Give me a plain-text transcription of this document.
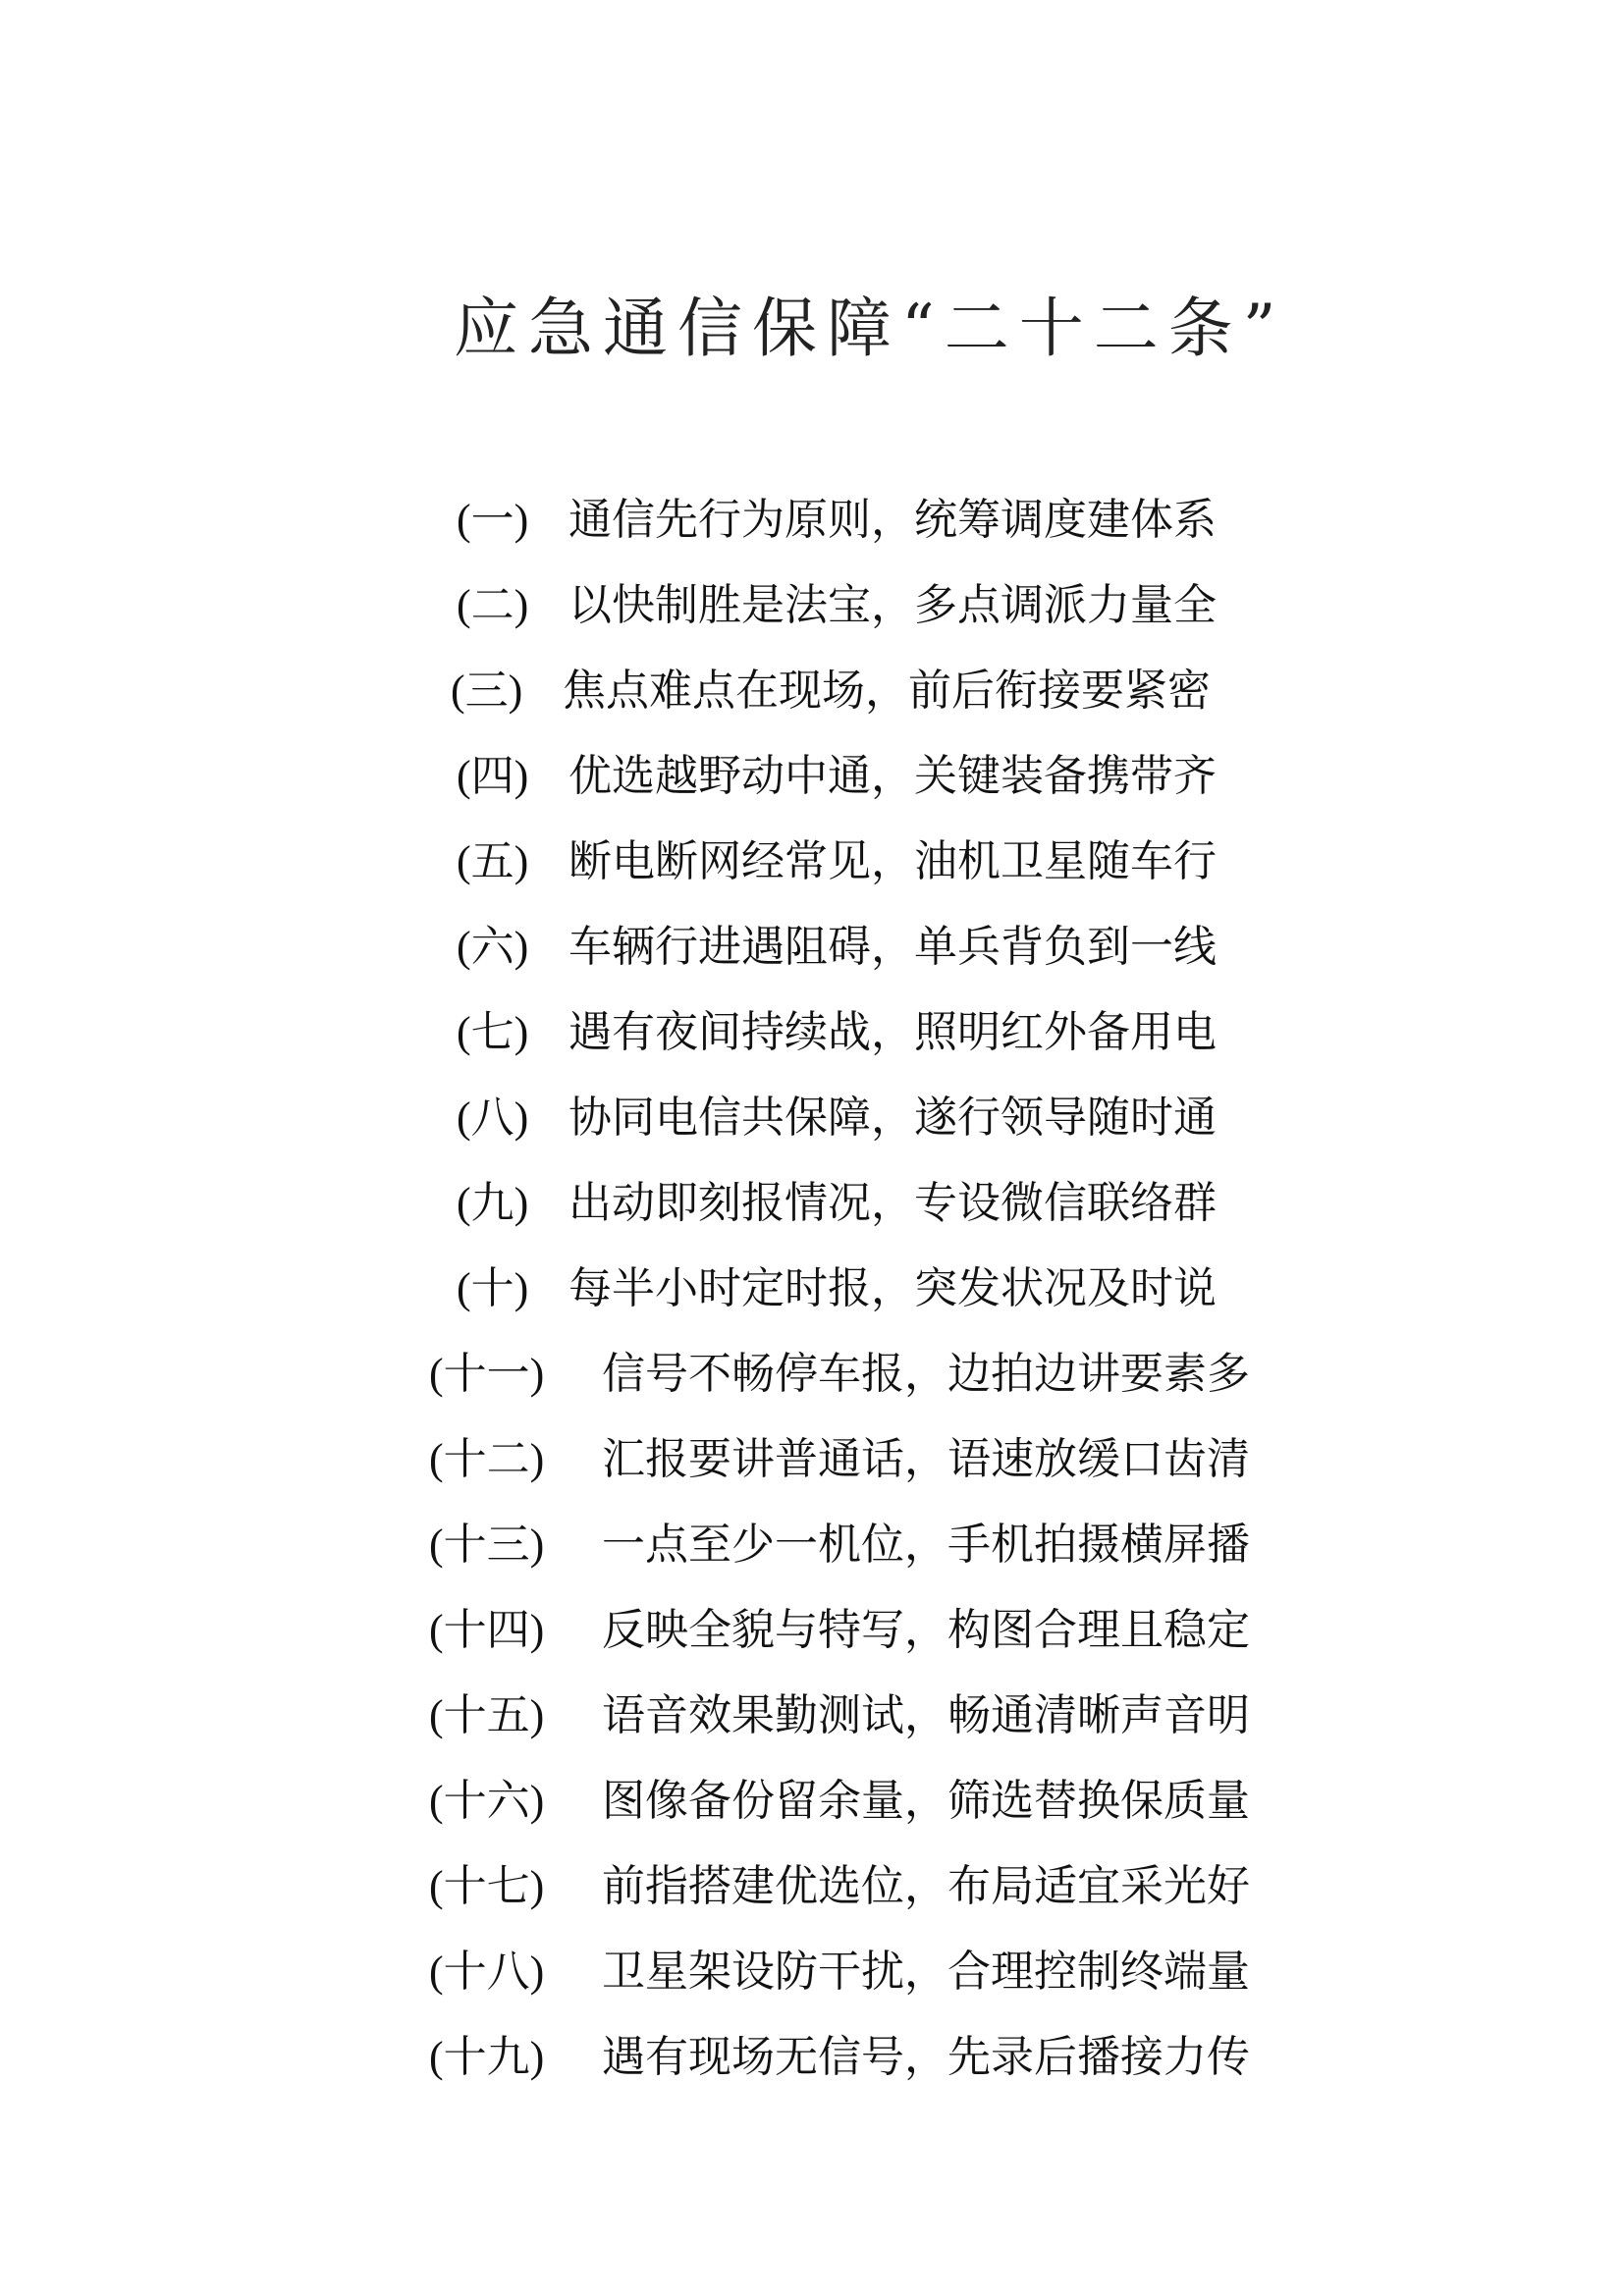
应急通信保障“二十二条”
(一) 通信先行为原则，统筹调度建体系
(二) 以快制胜是法宝，多点调派力量全
(三) 焦点难点在现场，前后衔接要紧密
(四) 优选越野动中通，关键装备携带齐
(五) 断电断网经常见，油机卫星随车行
(六) 车辆行进遇阻碍，单兵背负到一线
(七) 遇有夜间持续战，照明红外备用电
(八) 协同电信共保障，遂行领导随时通
(九) 出动即刻报情况，专设微信联络群
(十) 每半小时定时报，突发状况及时说
(十一) 信号不畅停车报，边拍边讲要素多
(十二) 汇报要讲普通话，语速放缓口齿清
(十三) 一点至少一机位，手机拍摄横屏播
(十四) 反映全貌与特写，构图合理且稳定
(十五) 语音效果勤测试，畅通清晰声音明
(十六) 图像备份留余量，筛选替换保质量
(十七) 前指搭建优选位，布局适宜采光好
(十八) 卫星架设防干扰，合理控制终端量
(十九) 遇有现场无信号，先录后播接力传
